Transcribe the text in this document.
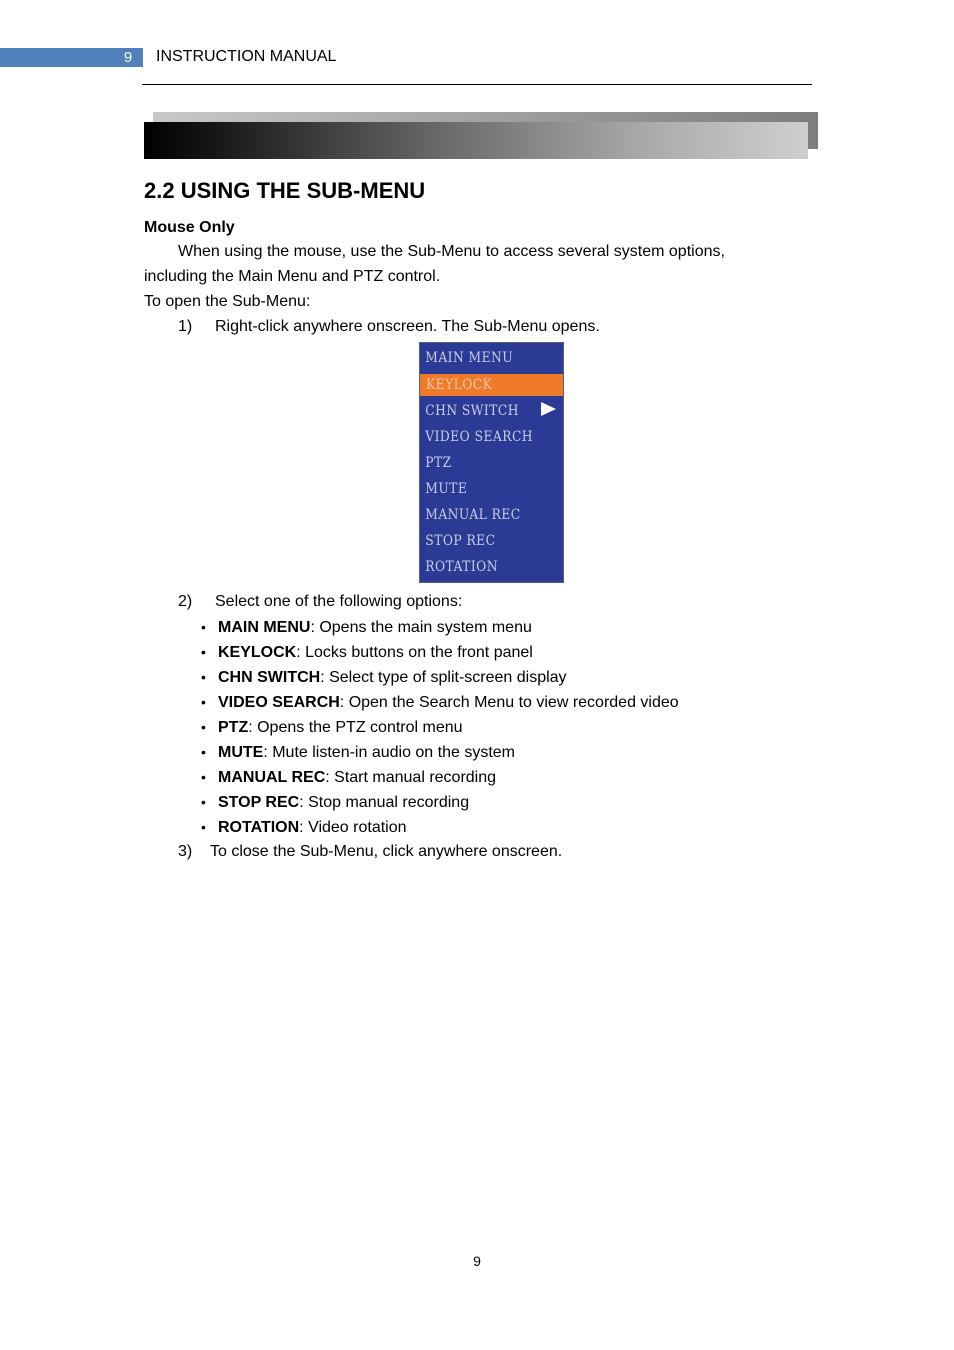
9	INSTRUCTION MANUAL
2.2 USING THE SUB-MENU
Mouse Only
When using the mouse, use the Sub-Menu to access several system options,
including the Main Menu and PTZ control.
To open the Sub-Menu:
1) Right-click anywhere onscreen. The Sub-Menu opens.
MAIN MENU
KEYLOCK
CHN SWITCH
VIDEO SEARCH
PTZ
MUTE
MANUAL REC
STOP REC
ROTATION
2) Select one of the following options:
• MAIN MENU: Opens the main system menu
• KEYLOCK: Locks buttons on the front panel
• CHN SWITCH: Select type of split-screen display
• VIDEO SEARCH: Open the Search Menu to view recorded video
• PTZ: Opens the PTZ control menu
• MUTE: Mute listen-in audio on the system
• MANUAL REC: Start manual recording
• STOP REC: Stop manual recording
• ROTATION: Video rotation
3) To close the Sub-Menu, click anywhere onscreen.
9
